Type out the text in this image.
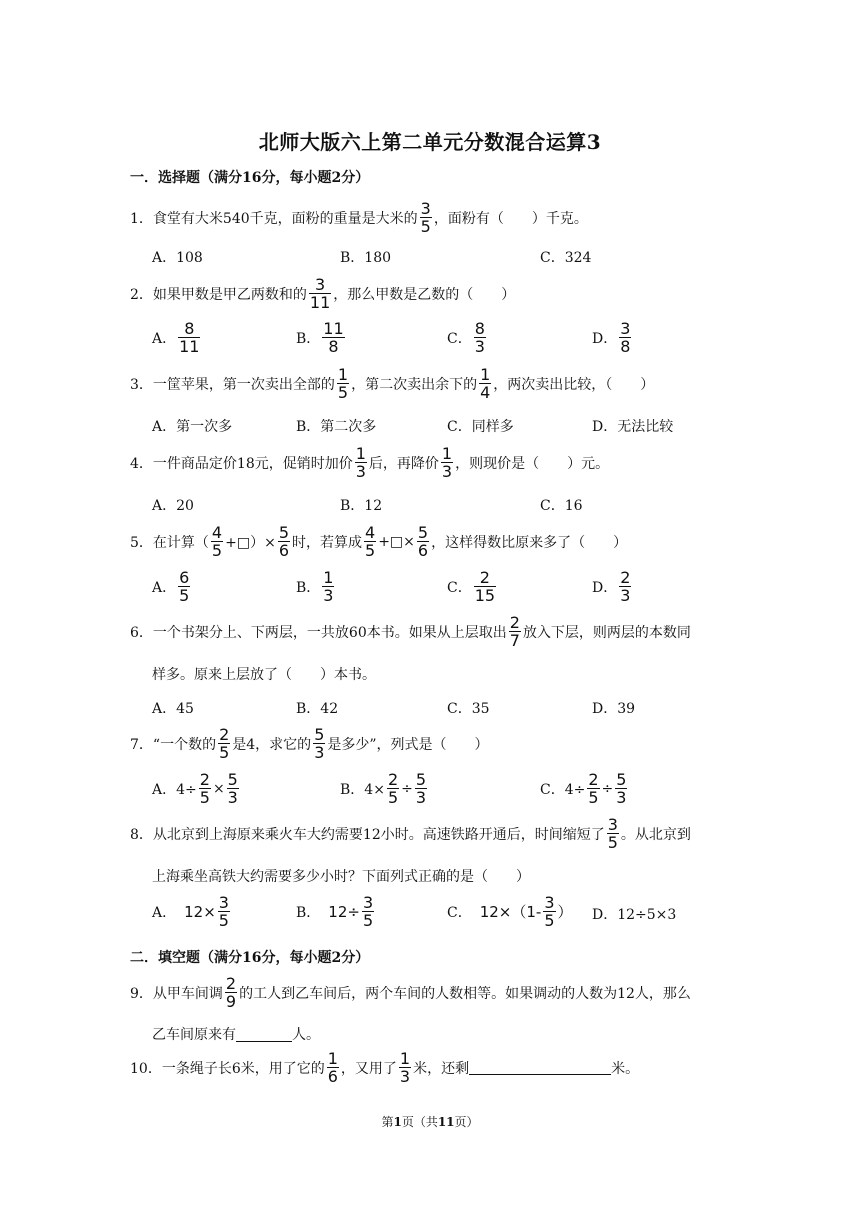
北师大版六上第二单元分数混合运算3
一．选择题（满分16分，每小题2分）
1．食堂有大米540千克，面粉的重量是大米的 $\frac{3}{5}$ ，面粉有（　　）千克。
A．108	B．180	C．324
2．如果甲数是甲乙两数和的 $\frac{3}{11}$ ，那么甲数是乙数的（　　）
A． $\frac{8}{11}$	B． $\frac{11}{8}$	C． $\frac{8}{3}$	D． $\frac{3}{8}$
3．一筐苹果，第一次卖出全部的 $\frac{1}{5}$ ，第二次卖出余下的 $\frac{1}{4}$ ，两次卖出比较，（　　）
A．第一次多	B．第二次多	C．同样多	D．无法比较
4．一件商品定价18元，促销时加价 $\frac{1}{3}$ 后，再降价 $\frac{1}{3}$ ，则现价是（　　）元。
A．20	B．12	C．16
5．在计算（ $\frac{4}{5}$ +□）× $\frac{5}{6}$ 时，若算成 $\frac{4}{5}$ +□× $\frac{5}{6}$ ，这样得数比原来多了（　　）
A． $\frac{6}{5}$	B． $\frac{1}{3}$	C． $\frac{2}{15}$	D． $\frac{2}{3}$
6．一个书架分上、下两层，一共放60本书。如果从上层取出 $\frac{2}{7}$ 放入下层，则两层的本数同
样多。原来上层放了（　　）本书。
A．45	B．42	C．35	D．39
7．“一个数的 $\frac{2}{5}$ 是4，求它的 $\frac{5}{3}$ 是多少”，列式是（　　）
A．$4\div \frac{2}{5} \times \frac{5}{3}$	B．$4\times \frac{2}{5} \div \frac{5}{3}$	C．$4\div \frac{2}{5} \div \frac{5}{3}$
8．从北京到上海原来乘火车大约需要12小时。高速铁路开通后，时间缩短了 $\frac{3}{5}$ 。从北京到
上海乘坐高铁大约需要多少小时？下面列式正确的是（　　）
A． $12\times \frac{3}{5}$	B． $12\div \frac{3}{5}$	C． $12\times(1- \frac{3}{5}$ ） D．12÷5×3
二．填空题（满分16分，每小题2分）
9．从甲车间调 $\frac{2}{9}$ 的工人到乙车间后，两个车间的人数相等。如果调动的人数为12人，那么
乙车间原来有	人。
10．一条绳子长6米，用了它的 $\frac{1}{6}$ ，又用了 $\frac{1}{3}$ 米，还剩	米。
第1页（共11页）
